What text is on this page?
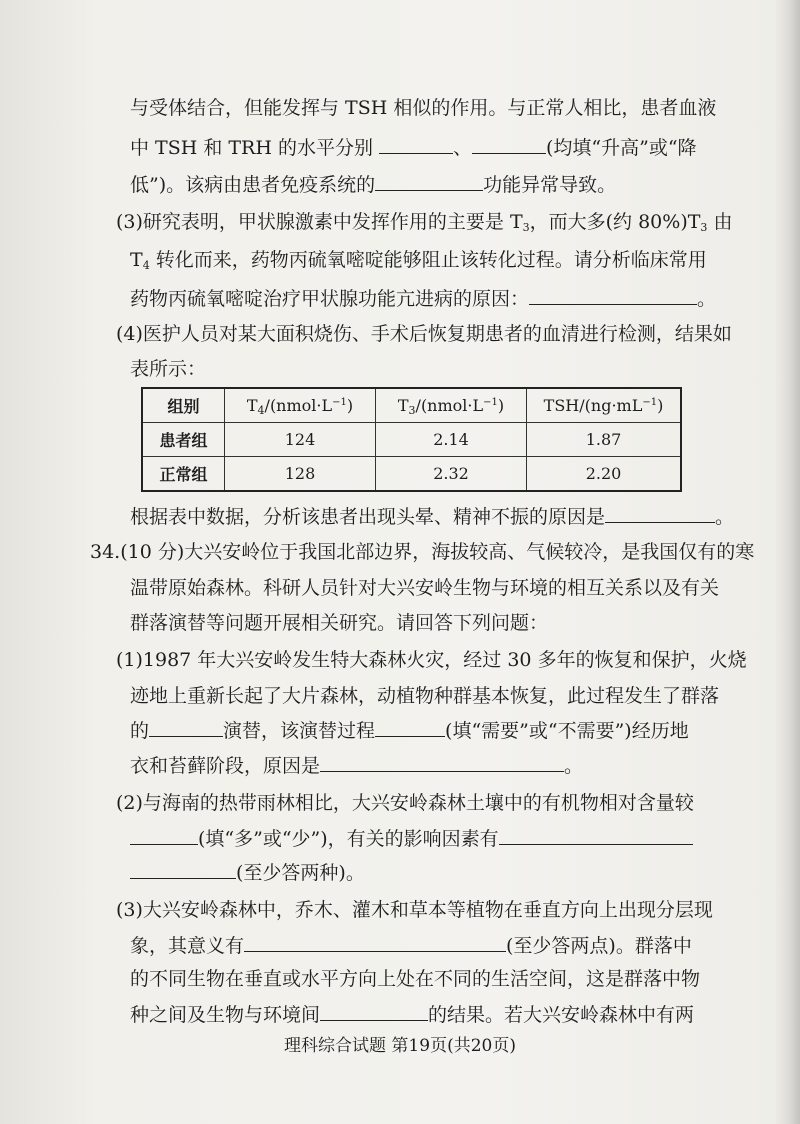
与受体结合，但能发挥与 TSH 相似的作用。与正常人相比，患者血液
中 TSH 和 TRH 的水平分别	、	(均填“升高”或“降
低”)。该病由患者免疫系统的	功能异常导致。
(3)研究表明，甲状腺激素中发挥作用的主要是 $T_3$，而大多(约 $80\%)T_3$ 由
$T_4$ 转化而来，药物丙硫氧嘧啶能够阻止该转化过程。请分析临床常用
药物丙硫氧嘧啶治疗甲状腺功能亢进病的原因：	。
(4)医护人员对某大面积烧伤、手术后恢复期患者的血清进行检测，结果如
表所示：
组别	$T_4/(nmol\cdot L^{-1})$	$T_3/(nmol\cdot L^{-1})$	TSH/$(ng\cdot mL^{-1})$
患者组	124	2.14	1.87
正常组	128	2.32	2.20
根据表中数据，分析该患者出现头晕、精神不振的原因是	。
34.(10 分)大兴安岭位于我国北部边界，海拔较高、气候较冷，是我国仅有的寒
温带原始森林。科研人员针对大兴安岭生物与环境的相互关系以及有关
群落演替等问题开展相关研究。请回答下列问题：
(1)1987 年大兴安岭发生特大森林火灾，经过 30 多年的恢复和保护，火烧
迹地上重新长起了大片森林，动植物种群基本恢复，此过程发生了群落
的	演替，该演替过程	(填“需要”或“不需要”)经历地
衣和苔藓阶段，原因是	。
(2)与海南的热带雨林相比，大兴安岭森林土壤中的有机物相对含量较
(填“多”或“少”)，有关的影响因素有
(至少答两种)。
(3)大兴安岭森林中，乔木、灌木和草本等植物在垂直方向上出现分层现
象，其意义有	(至少答两点)。群落中
的不同生物在垂直或水平方向上处在不同的生活空间，这是群落中物
种之间及生物与环境间	的结果。若大兴安岭森林中有两
理科综合试题 第19页(共20页)
